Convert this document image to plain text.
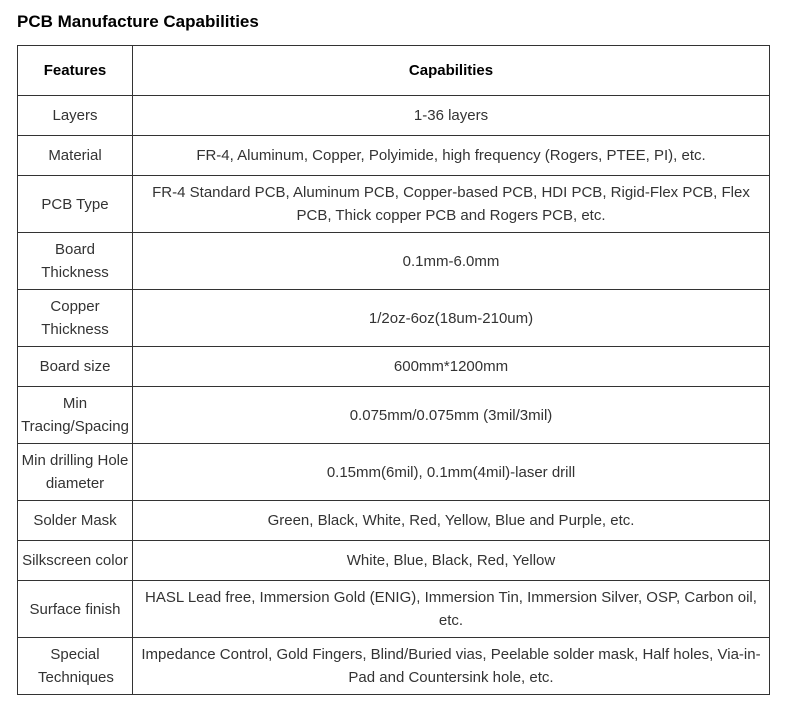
PCB Manufacture Capabilities
Features	Capabilities
Layers	1-36 layers
Material	FR-4, Aluminum, Copper, Polyimide, high frequency (Rogers, PTEE, PI), etc.
PCB Type	FR-4 Standard PCB, Aluminum PCB, Copper-based PCB, HDI PCB, Rigid-Flex PCB, Flex PCB, Thick copper PCB and Rogers PCB, etc.
Board Thickness	0.1mm-6.0mm
Copper Thickness	1/2oz-6oz(18um-210um)
Board size	600mm*1200mm
Min Tracing/Spacing	0.075mm/0.075mm (3mil/3mil)
Min drilling Hole diameter	0.15mm(6mil), 0.1mm(4mil)-laser drill
Solder Mask	Green, Black, White, Red, Yellow, Blue and Purple, etc.
Silkscreen color	White, Blue, Black, Red, Yellow
Surface finish	HASL Lead free, Immersion Gold (ENIG), Immersion Tin, Immersion Silver, OSP, Carbon oil, etc.
Special Techniques	Impedance Control, Gold Fingers, Blind/Buried vias, Peelable solder mask, Half holes, Via-in-Pad and Countersink hole, etc.
